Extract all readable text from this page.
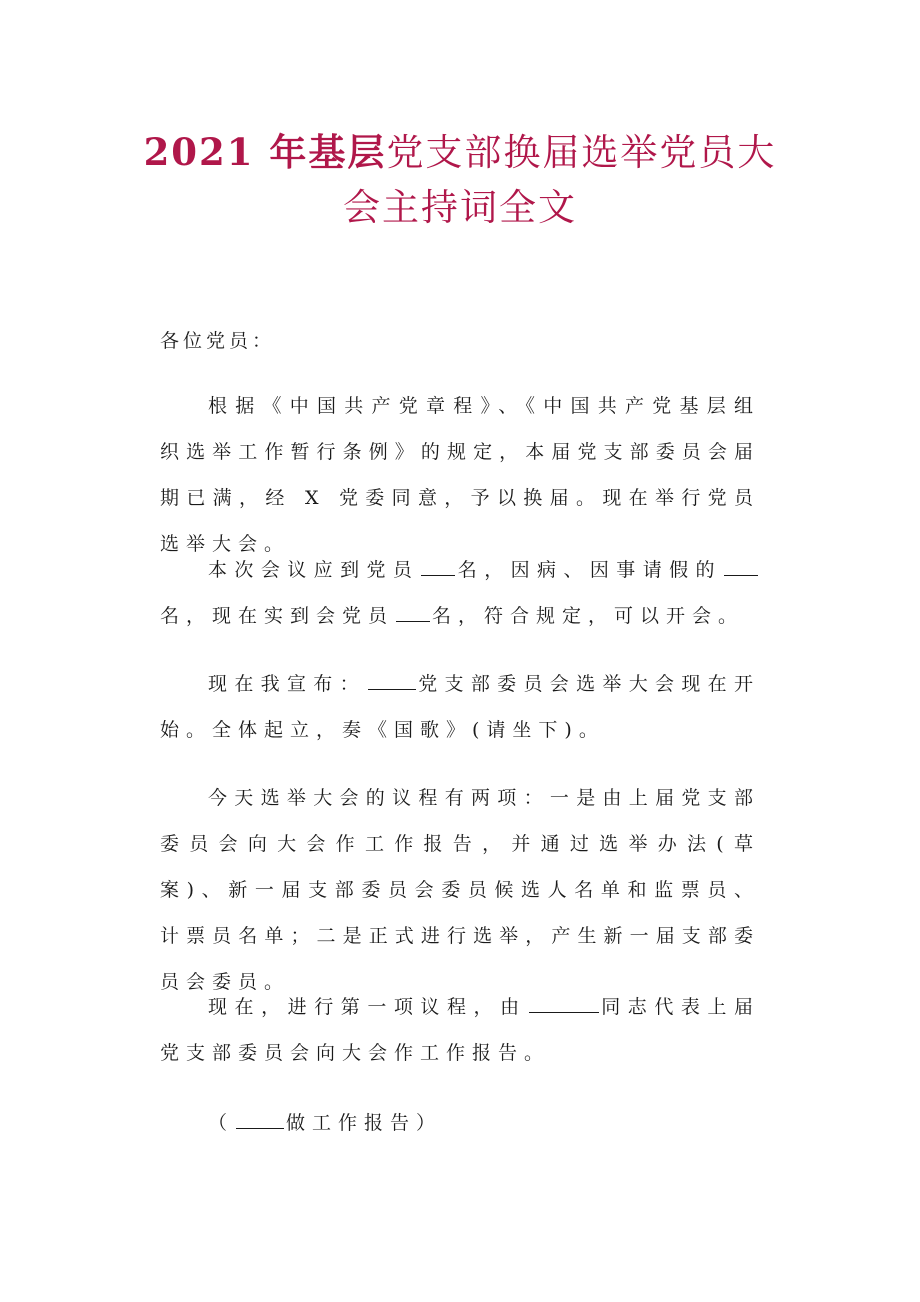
2021 年基层党支部换届选举党员大
会主持词全文

各位党员：

根据《中国共产党章程》、《中国共产党基层组织选举工作暂行条例》的规定，本届党支部委员会届期已满，经 X 党委同意，予以换届。现在举行党员选举大会。

本次会议应到党员 名，因病、因事请假的名，现在实到会党员 名，符合规定，可以开会。

现在我宣布：	党支部委员会选举大会现在开始。全体起立，奏《国歌》(请坐下)。

今天选举大会的议程有两项：一是由上届党支部委员会向大会作工作报告，并通过选举办法(草案)、新一届支部委员会委员候选人名单和监票员、计票员名单；二是正式进行选举，产生新一届支部委员会委员。

现在，进行第一项议程，由	同志代表上届党支部委员会向大会作工作报告。

（	做工作报告）
